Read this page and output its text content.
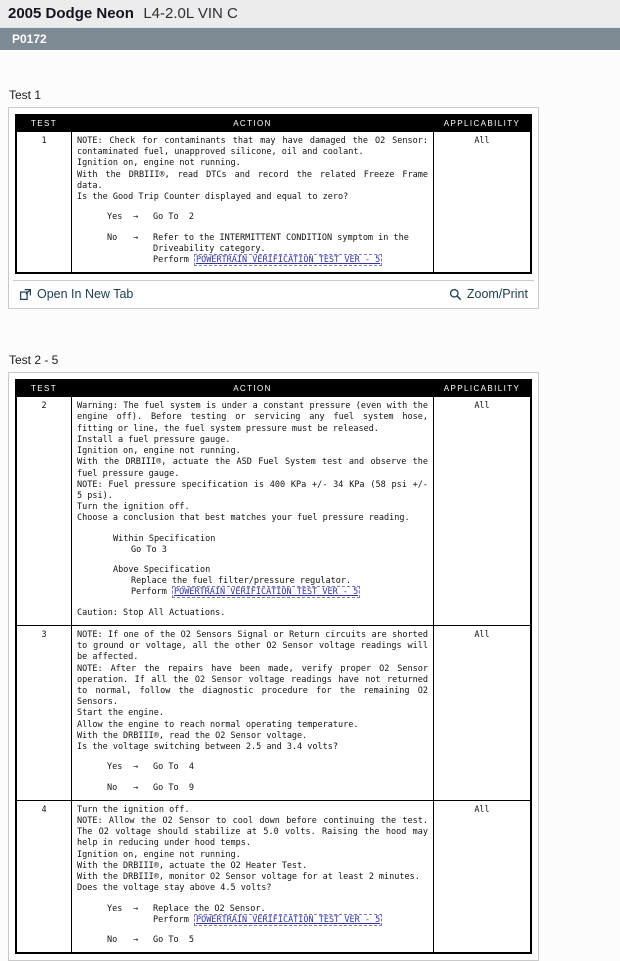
2005 Dodge Neon L4-2.0L VIN C
P0172
Test 1
TEST	ACTION	APPLICABILITY
1	NOTE: Check for contaminants that may have damaged the O2 Sensor: contaminated fuel, unapproved silicone, oil and coolant.
Ignition on, engine not running.
With the DRBIII®, read DTCs and record the related Freeze Frame data.
Is the Good Trip Counter displayed and equal to zero?
Yes	→	Go To  2
No	→	Refer to the INTERMITTENT CONDITION symptom in the Driveability category.
Perform POWERTRAIN VERIFICATION TEST VER - 5
	All
Open In New Tab	Zoom/Print
Test 2 - 5
TEST	ACTION	APPLICABILITY
2	Warning: The fuel system is under a constant pressure (even with the engine off). Before testing or servicing any fuel system hose, fitting or line, the fuel system pressure must be released.
Install a fuel pressure gauge.
Ignition on, engine not running.
With the DRBIII®, actuate the ASD Fuel System test and observe the fuel pressure gauge.
NOTE: Fuel pressure specification is 400 KPa +/- 34 KPa (58 psi +/- 5 psi).
Turn the ignition off.
Choose a conclusion that best matches your fuel pressure reading.
Within Specification
Go To 3
Above Specification
Replace the fuel filter/pressure regulator.
Perform POWERTRAIN VERIFICATION TEST VER - 5
Caution: Stop All Actuations.
	All
3	NOTE: If one of the O2 Sensors Signal or Return circuits are shorted to ground or voltage, all the other O2 Sensor voltage readings will be affected.
NOTE: After the repairs have been made, verify proper O2 Sensor operation. If all the O2 Sensor voltage readings have not returned to normal, follow the diagnostic procedure for the remaining O2 Sensors.
Start the engine.
Allow the engine to reach normal operating temperature.
With the DRBIII®, read the O2 Sensor voltage.
Is the voltage switching between 2.5 and 3.4 volts?
Yes	→	Go To  4
No	→	Go To  9
	All
4	Turn the ignition off.
NOTE: Allow the O2 Sensor to cool down before continuing the test. The O2 voltage should stabilize at 5.0 volts. Raising the hood may help in reducing under hood temps.
Ignition on, engine not running.
With the DRBIII®, actuate the O2 Heater Test.
With the DRBIII®, monitor O2 Sensor voltage for at least 2 minutes.
Does the voltage stay above 4.5 volts?
Yes	→	Replace the O2 Sensor.
Perform POWERTRAIN VERIFICATION TEST VER - 5
No	→	Go To  5
	All
